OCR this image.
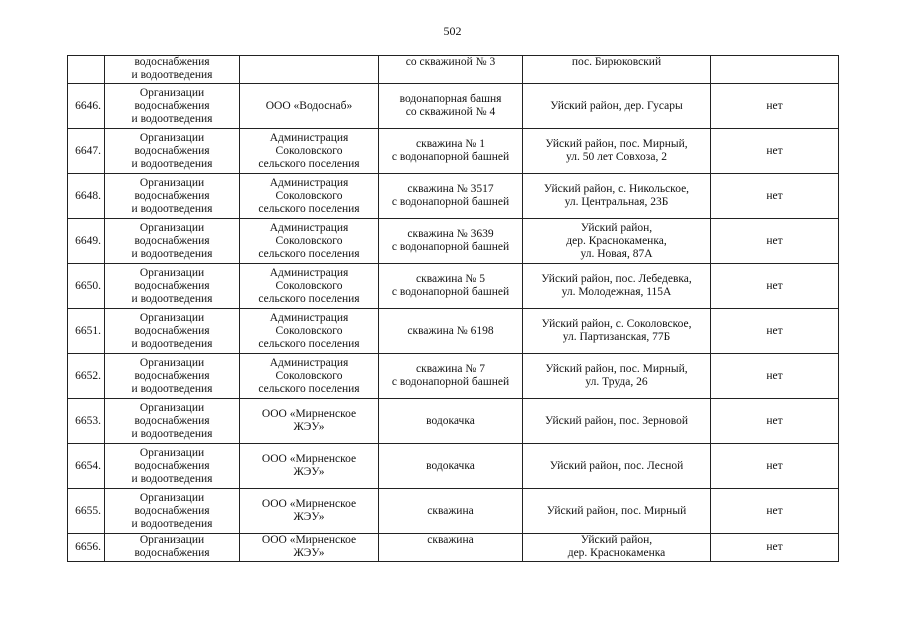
502
	водоснабжения
и водоотведения		со скважиной № 3	пос. Бирюковский	
6646.	Организации
водоснабжения
и водоотведения	ООО «Водоснаб»	водонапорная башня
со скважиной № 4	Уйский район, дер. Гусары	нет
6647.	Организации
водоснабжения
и водоотведения	Администрация
Соколовского
сельского поселения	скважина № 1
с водонапорной башней	Уйский район, пос. Мирный,
ул. 50 лет Совхоза, 2	нет
6648.	Организации
водоснабжения
и водоотведения	Администрация
Соколовского
сельского поселения	скважина № 3517
с водонапорной башней	Уйский район, с. Никольское,
ул. Центральная, 23Б	нет
6649.	Организации
водоснабжения
и водоотведения	Администрация
Соколовского
сельского поселения	скважина № 3639
с водонапорной башней	Уйский район,
дер. Краснокаменка,
ул. Новая, 87А	нет
6650.	Организации
водоснабжения
и водоотведения	Администрация
Соколовского
сельского поселения	скважина № 5
с водонапорной башней	Уйский район, пос. Лебедевка,
ул. Молодежная, 115А	нет
6651.	Организации
водоснабжения
и водоотведения	Администрация
Соколовского
сельского поселения	скважина № 6198	Уйский район, с. Соколовское,
ул. Партизанская, 77Б	нет
6652.	Организации
водоснабжения
и водоотведения	Администрация
Соколовского
сельского поселения	скважина № 7
с водонапорной башней	Уйский район, пос. Мирный,
ул. Труда, 26	нет
6653.	Организации
водоснабжения
и водоотведения	ООО «Мирненское
ЖЭУ»	водокачка	Уйский район, пос. Зерновой	нет
6654.	Организации
водоснабжения
и водоотведения	ООО «Мирненское
ЖЭУ»	водокачка	Уйский район, пос. Лесной	нет
6655.	Организации
водоснабжения
и водоотведения	ООО «Мирненское
ЖЭУ»	скважина	Уйский район, пос. Мирный	нет
6656.	Организации
водоснабжения	ООО «Мирненское
ЖЭУ»	скважина	Уйский район,
дер. Краснокаменка	нет
